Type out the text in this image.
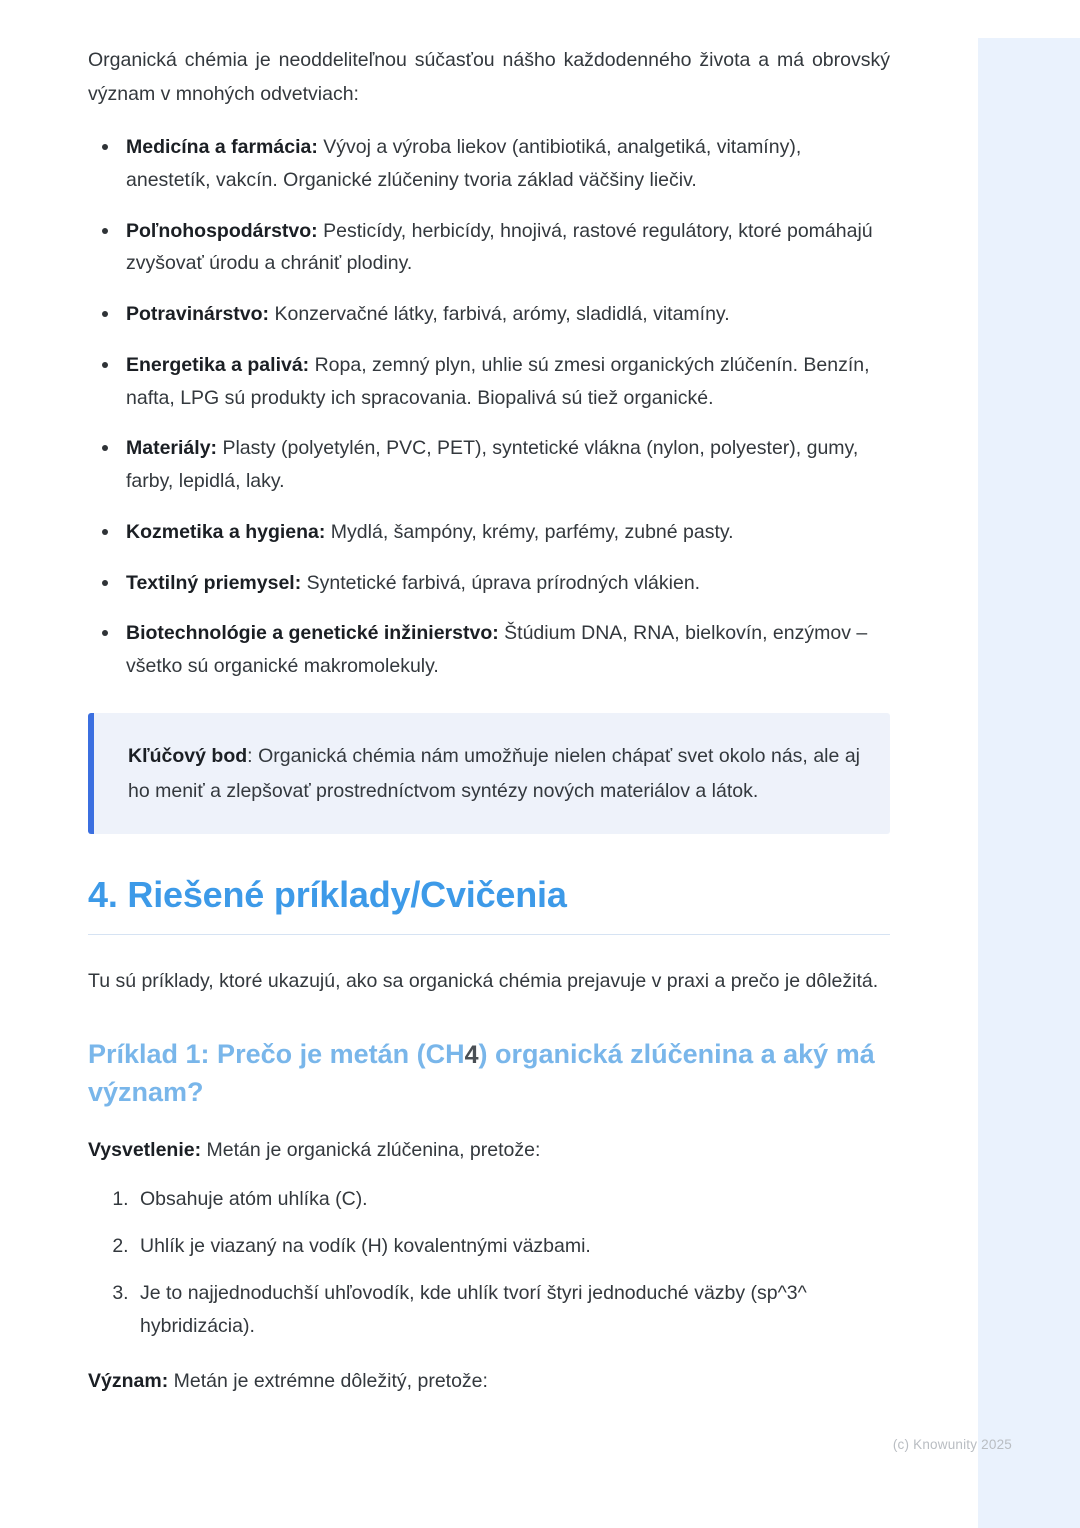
Organická chémia je neoddeliteľnou súčasťou nášho každodenného života a má obrovský význam v mnohých odvetviach:

Medicína a farmácia: Vývoj a výroba liekov (antibiotiká, analgetiká, vitamíny), anestetík, vakcín. Organické zlúčeniny tvoria základ väčšiny liečiv.
Poľnohospodárstvo: Pesticídy, herbicídy, hnojivá, rastové regulátory, ktoré pomáhajú zvyšovať úrodu a chrániť plodiny.
Potravinárstvo: Konzervačné látky, farbivá, arómy, sladidlá, vitamíny.
Energetika a palivá: Ropa, zemný plyn, uhlie sú zmesi organických zlúčenín. Benzín, nafta, LPG sú produkty ich spracovania. Biopalivá sú tiež organické.
Materiály: Plasty (polyetylén, PVC, PET), syntetické vlákna (nylon, polyester), gumy, farby, lepidlá, laky.
Kozmetika a hygiena: Mydlá, šampóny, krémy, parfémy, zubné pasty.
Textilný priemysel: Syntetické farbivá, úprava prírodných vlákien.
Biotechnológie a genetické inžinierstvo: Štúdium DNA, RNA, bielkovín, enzýmov – všetko sú organické makromolekuly.

Kľúčový bod: Organická chémia nám umožňuje nielen chápať svet okolo nás, ale aj ho meniť a zlepšovať prostredníctvom syntézy nových materiálov a látok.

4. Riešené príklady/Cvičenia

Tu sú príklady, ktoré ukazujú, ako sa organická chémia prejavuje v praxi a prečo je dôležitá.

Príklad 1: Prečo je metán (CH4) organická zlúčenina a aký má význam?

Vysvetlenie: Metán je organická zlúčenina, pretože:

1. Obsahuje atóm uhlíka (C).
2. Uhlík je viazaný na vodík (H) kovalentnými väzbami.
3. Je to najjednoduchší uhľovodík, kde uhlík tvorí štyri jednoduché väzby (sp^3^ hybridizácia).

Význam: Metán je extrémne dôležitý, pretože:

(c) Knowunity 2025
